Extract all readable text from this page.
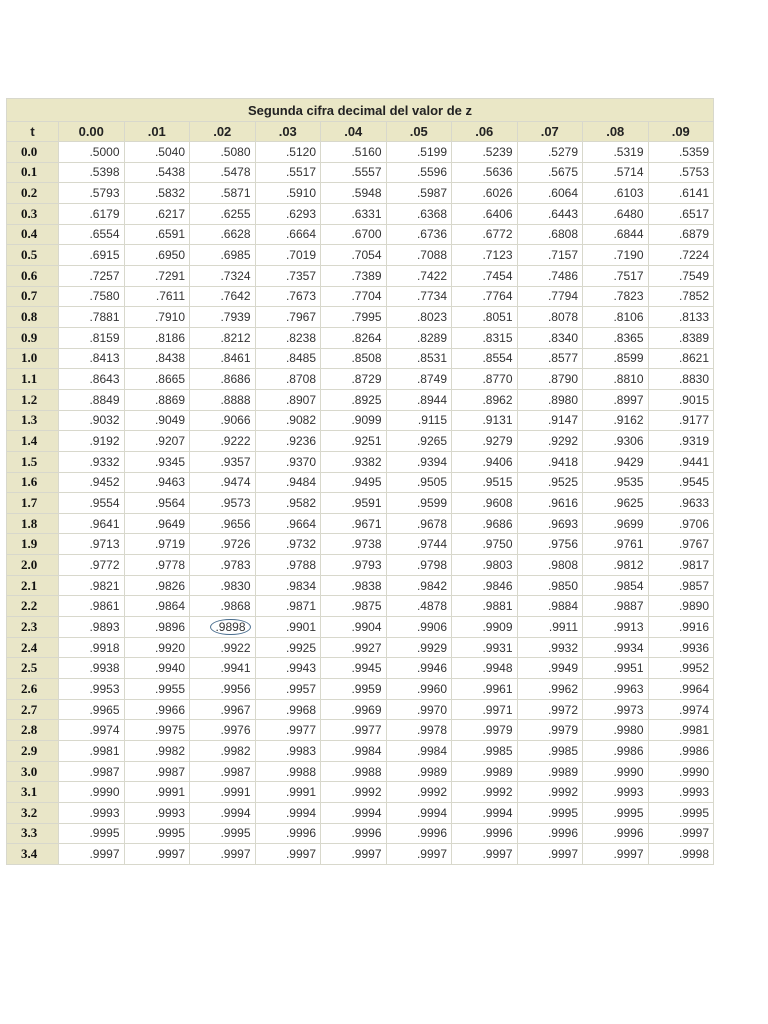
Segunda cifra decimal del valor de z										
t	0.00	.01	.02	.03	.04	.05	.06	.07	.08	.09
0.0	.5000	.5040	.5080	.5120	.5160	.5199	.5239	.5279	.5319	.5359
0.1	.5398	.5438	.5478	.5517	.5557	.5596	.5636	.5675	.5714	.5753
0.2	.5793	.5832	.5871	.5910	.5948	.5987	.6026	.6064	.6103	.6141
0.3	.6179	.6217	.6255	.6293	.6331	.6368	.6406	.6443	.6480	.6517
0.4	.6554	.6591	.6628	.6664	.6700	.6736	.6772	.6808	.6844	.6879
0.5	.6915	.6950	.6985	.7019	.7054	.7088	.7123	.7157	.7190	.7224
0.6	.7257	.7291	.7324	.7357	.7389	.7422	.7454	.7486	.7517	.7549
0.7	.7580	.7611	.7642	.7673	.7704	.7734	.7764	.7794	.7823	.7852
0.8	.7881	.7910	.7939	.7967	.7995	.8023	.8051	.8078	.8106	.8133
0.9	.8159	.8186	.8212	.8238	.8264	.8289	.8315	.8340	.8365	.8389
1.0	.8413	.8438	.8461	.8485	.8508	.8531	.8554	.8577	.8599	.8621
1.1	.8643	.8665	.8686	.8708	.8729	.8749	.8770	.8790	.8810	.8830
1.2	.8849	.8869	.8888	.8907	.8925	.8944	.8962	.8980	.8997	.9015
1.3	.9032	.9049	.9066	.9082	.9099	.9115	.9131	.9147	.9162	.9177
1.4	.9192	.9207	.9222	.9236	.9251	.9265	.9279	.9292	.9306	.9319
1.5	.9332	.9345	.9357	.9370	.9382	.9394	.9406	.9418	.9429	.9441
1.6	.9452	.9463	.9474	.9484	.9495	.9505	.9515	.9525	.9535	.9545
1.7	.9554	.9564	.9573	.9582	.9591	.9599	.9608	.9616	.9625	.9633
1.8	.9641	.9649	.9656	.9664	.9671	.9678	.9686	.9693	.9699	.9706
1.9	.9713	.9719	.9726	.9732	.9738	.9744	.9750	.9756	.9761	.9767
2.0	.9772	.9778	.9783	.9788	.9793	.9798	.9803	.9808	.9812	.9817
2.1	.9821	.9826	.9830	.9834	.9838	.9842	.9846	.9850	.9854	.9857
2.2	.9861	.9864	.9868	.9871	.9875	.4878	.9881	.9884	.9887	.9890
2.3	.9893	.9896	.9898	.9901	.9904	.9906	.9909	.9911	.9913	.9916
2.4	.9918	.9920	.9922	.9925	.9927	.9929	.9931	.9932	.9934	.9936
2.5	.9938	.9940	.9941	.9943	.9945	.9946	.9948	.9949	.9951	.9952
2.6	.9953	.9955	.9956	.9957	.9959	.9960	.9961	.9962	.9963	.9964
2.7	.9965	.9966	.9967	.9968	.9969	.9970	.9971	.9972	.9973	.9974
2.8	.9974	.9975	.9976	.9977	.9977	.9978	.9979	.9979	.9980	.9981
2.9	.9981	.9982	.9982	.9983	.9984	.9984	.9985	.9985	.9986	.9986
3.0	.9987	.9987	.9987	.9988	.9988	.9989	.9989	.9989	.9990	.9990
3.1	.9990	.9991	.9991	.9991	.9992	.9992	.9992	.9992	.9993	.9993
3.2	.9993	.9993	.9994	.9994	.9994	.9994	.9994	.9995	.9995	.9995
3.3	.9995	.9995	.9995	.9996	.9996	.9996	.9996	.9996	.9996	.9997
3.4	.9997	.9997	.9997	.9997	.9997	.9997	.9997	.9997	.9997	.9998
